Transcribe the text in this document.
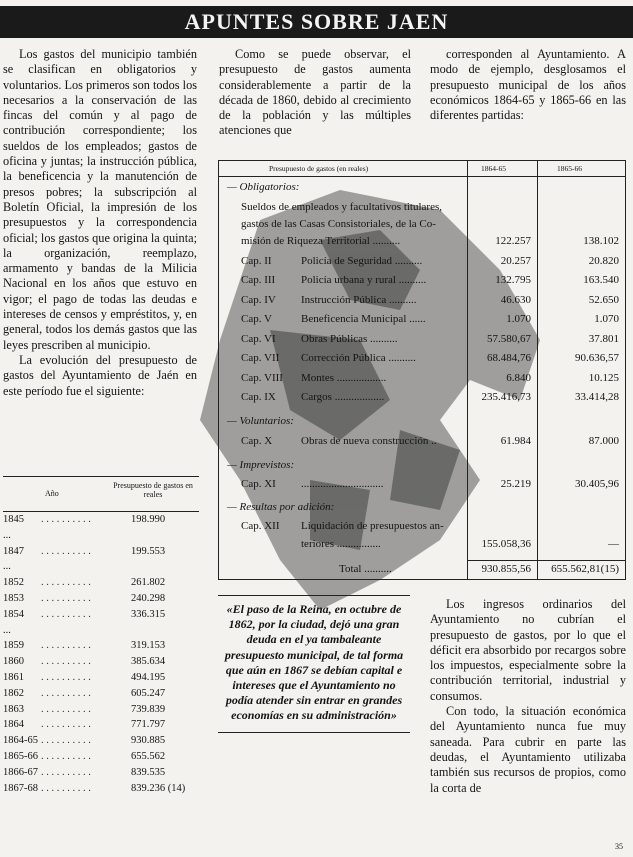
APUNTES SOBRE JAEN

Los gastos del municipio también se clasifican en obligatorios y voluntarios. Los primeros son todos los necesarios a la conservación de las fincas del común y al pago de contribución correspondiente; los sueldos de los empleados; gastos de oficina y juntas; la instrucción pública, la beneficencia y la manutención de presos pobres; la subscripción al Boletín Oficial, la impresión de los presupuestos y la correspondencia oficial; los gastos que origina la quinta; la organización, reemplazo, armamento y bandas de la Milicia Nacional en los años que estuvo en vigor; el pago de todas las deudas e intereses de censos y empréstitos, y, en general, todos los demás gastos que las leyes prescriben al municipio.

La evolución del presupuesto de gastos del Ayuntamiento de Jaén en este período fue el siguiente:

Año
Presupuesto de gastos en reales
1845 . . . . . . . . . .	198.990
...
1847 . . . . . . . . . .	199.553
...
1852 . . . . . . . . . .	261.802
1853 . . . . . . . . . .	240.298
1854 . . . . . . . . . .	336.315
...
1859 . . . . . . . . . .	319.153
1860 . . . . . . . . . .	385.634
1861 . . . . . . . . . .	494.195
1862 . . . . . . . . . .	605.247
1863 . . . . . . . . . .	739.839
1864 . . . . . . . . . .	771.797
1864-65 . . . . . . . . . .	930.885
1865-66 . . . . . . . . . .	655.562
1866-67 . . . . . . . . . .	839.535
1867-68 . . . . . . . . . .	839.236 (14)

Como se puede observar, el presupuesto de gastos aumenta considerablemente a partir de la década de 1860, debido al crecimiento de la población y las múltiples atenciones que

corresponden al Ayuntamiento. A modo de ejemplo, desglosamos el presupuesto municipal de los años económicos 1864-65 y 1865-66 en las diferentes partidas:

Presupuesto de gastos (en reales)	1864-65	1865-66
— Obligatorios:
Sueldos de empleados y facultativos titulares,
gastos de las Casas Consistoriales, de la Co-
misión de Riqueza Territorial ..........	122.257	138.102
Cap. II	Policía de Seguridad ..........	20.257	20.820
Cap. III Policía urbana y rural ..........	132.795	163.540
Cap. IV Instrucción Pública ..........	46.630	52.650
Cap. V	Beneficencia Municipal ......	1.070	1.070
Cap. VI Obras Públicas ..........	57.580,67	37.801
Cap. VII Corrección Pública ..........	68.484,76	90.636,57
Cap. VIII Montes ..................	6.840	10.125
Cap. IX Cargos ..................	235.416,73	33.414,28
— Voluntarios:
Cap. X	Obras de nueva construcción ..	61.984	87.000
— Imprevistos:
Cap. XI ..............................	25.219	30.405,96
— Resultas por adición:
Cap. XII Liquidación de presupuestos an-
teriores ................	155.058,36	—
Total ..........	930.855,56	655.562,81(15)
«El paso de la Reina, en octubre de 1862, por la ciudad, dejó una gran deuda en el ya tambaleante presupuesto municipal, de tal forma que aún en 1867 se debían capital e intereses que el Ayuntamiento no podía atender sin entrar en grandes economías en su administración»

Los ingresos ordinarios del Ayuntamiento no cubrían el presupuesto de gastos, por lo que el déficit era absorbido por recargos sobre los impuestos, especialmente sobre la contribución territorial, industrial y consumos.

Con todo, la situación económica del Ayuntamiento nunca fue muy saneada. Para cubrir en parte las deudas, el Ayuntamiento utilizaba también sus recursos de propios, como la corta de

35
